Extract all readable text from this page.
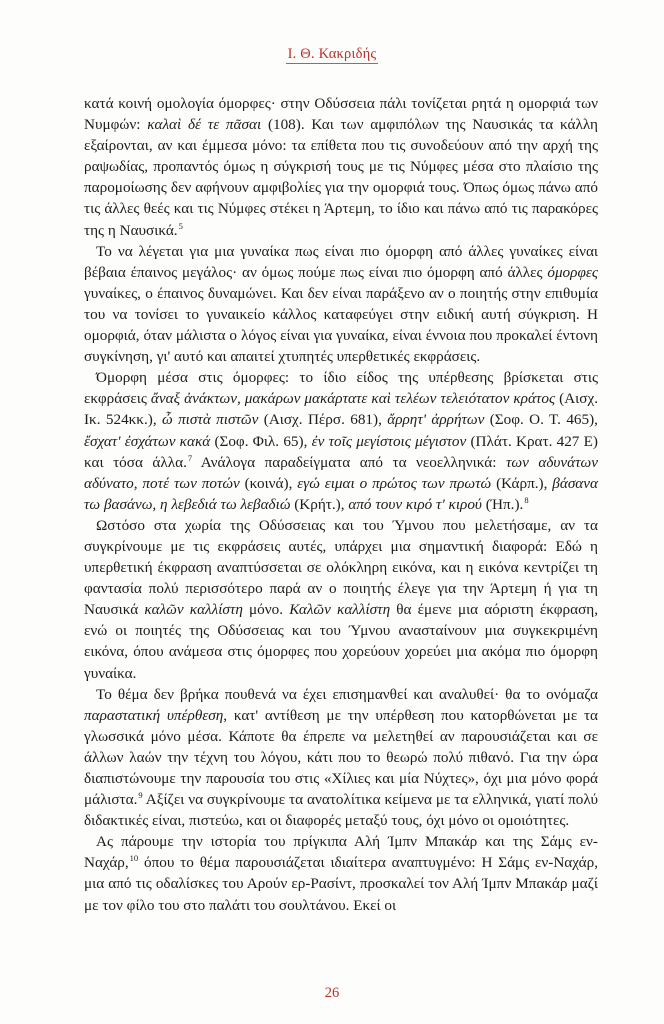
Ι. Θ. Κακριδής

κατά κοινή ομολογία όμορφες· στην Οδύσσεια πάλι τονίζεται ρητά η ομορφιά των Νυμφών: καλαὶ δέ τε πᾶσαι (108). Και των αμφιπόλων της Ναυσικάς τα κάλλη εξαίρονται, αν και έμμεσα μόνο: τα επίθετα που τις συνοδεύουν από την αρχή της ραψωδίας, προπαντός όμως η σύγκρισή τους με τις Νύμφες μέσα στο πλαίσιο της παρομοίωσης δεν αφήνουν αμφιβολίες για την ομορφιά τους. Όπως όμως πάνω από τις άλλες θεές και τις Νύμφες στέκει η Άρτεμη, το ίδιο και πάνω από τις παρακόρες της η Ναυσικά.$^5$

Το να λέγεται για μια γυναίκα πως είναι πιο όμορφη από άλλες γυναίκες είναι βέβαια έπαινος μεγάλος· αν όμως πούμε πως είναι πιο όμορφη από άλλες όμορφες γυναίκες, ο έπαινος δυναμώνει. Και δεν είναι παράξενο αν ο ποιητής στην επιθυμία του να τονίσει το γυναικείο κάλλος καταφεύγει στην ειδική αυτή σύγκριση. Η ομορφιά, όταν μάλιστα ο λόγος είναι για γυναίκα, είναι έννοια που προκαλεί έντονη συγκίνηση, γι' αυτό και απαιτεί χτυπητές υπερθετικές εκφράσεις.

Όμορφη μέσα στις όμορφες: το ίδιο είδος της υπέρθεσης βρίσκεται στις εκφράσεις ἄναξ ἀνάκτων, μακάρων μακάρτατε καὶ τελέων τελειότατον κράτος (Αισχ. Ικ. 524κκ.), ὦ πιστὰ πιστῶν (Αισχ. Πέρσ. 681), ἄρρητ' ἀρρήτων (Σοφ. Ο. Τ. 465), ἔσχατ' ἐσχάτων κακά (Σοφ. Φιλ. 65), ἐν τοῖς μεγίστοις μέγιστον (Πλάτ. Κρατ. 427 Ε) και τόσα άλλα.$^7$ Ανάλογα παραδείγματα από τα νεοελληνικά: των αδυνάτων αδύνατο, ποτέ των ποτών (κοινά), εγώ ειμαι ο πρώτος των πρωτώ (Κάρπ.), βάσανα τω βασάνω, η λεβεδιά τω λεβαδιώ (Κρήτ.), από τουν κιρό τ' κιρού (Ήπ.).$^8$

Ωστόσο στα χωρία της Οδύσσειας και του Ύμνου που μελετήσαμε, αν τα συγκρίνουμε με τις εκφράσεις αυτές, υπάρχει μια σημαντική διαφορά: Εδώ η υπερθετική έκφραση αναπτύσσεται σε ολόκληρη εικόνα, και η εικόνα κεντρίζει τη φαντασία πολύ περισσότερο παρά αν ο ποιητής έλεγε για την Άρτεμη ή για τη Ναυσικά καλῶν καλλίστη μόνο. Καλῶν καλλίστη θα έμενε μια αόριστη έκφραση, ενώ οι ποιητές της Οδύσσειας και του Ύμνου ανασταίνουν μια συγκεκριμένη εικόνα, όπου ανάμεσα στις όμορφες που χορεύουν χορεύει μια ακόμα πιο όμορφη γυναίκα.

Το θέμα δεν βρήκα πουθενά να έχει επισημανθεί και αναλυθεί· θα το ονόμαζα παραστατική υπέρθεση, κατ' αντίθεση με την υπέρθεση που κατορθώνεται με τα γλωσσικά μόνο μέσα. Κάποτε θα έπρεπε να μελετηθεί αν παρουσιάζεται και σε άλλων λαών την τέχνη του λόγου, κάτι που το θεωρώ πολύ πιθανό. Για την ώρα διαπιστώνουμε την παρουσία του στις «Χίλιες και μία Νύχτες», όχι μια μόνο φορά μάλιστα.$^9$ Αξίζει να συγκρίνουμε τα ανατολίτικα κείμενα με τα ελληνικά, γιατί πολύ διδακτικές είναι, πιστεύω, και οι διαφορές μεταξύ τους, όχι μόνο οι ομοιότητες.

Ας πάρουμε την ιστορία του πρίγκιπα Αλή Ίμπν Μπακάρ και της Σάμς εν-Ναχάρ,$^{10}$ όπου το θέμα παρουσιάζεται ιδιαίτερα αναπτυγμένο: Η Σάμς εν-Ναχάρ, μια από τις οδαλίσκες του Αρούν ερ-Ρασίντ, προσκαλεί τον Αλή Ίμπν Μπακάρ μαζί με τον φίλο του στο παλάτι του σουλτάνου. Εκεί οι

26
